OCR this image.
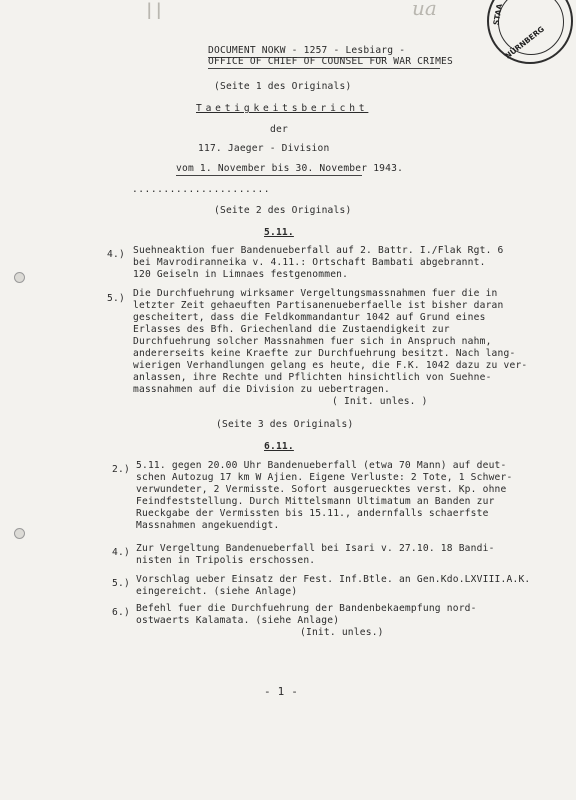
ǀ ǀ	ua	STAA
NÜRNBERG
DOCUMENT NOKW - 1257 - Lesbiarg -
OFFICE OF CHIEF OF COUNSEL FOR WAR CRIMES
(Seite 1 des Originals)
Taetigkeitsbericht
der
117. Jaeger - Division
vom 1. November bis 30. November 1943.
......................
(Seite 2 des Originals)
5.11.
4.) Suehneaktion fuer Bandenueberfall auf 2. Battr. I./Flak Rgt. 6
bei Mavrodiranneika v. 4.11.: Ortschaft Bambati abgebrannt.
120 Geiseln in Limnaes festgenommen.
5.) Die Durchfuehrung wirksamer Vergeltungsmassnahmen fuer die in
letzter Zeit gehaeuften Partisanenueberfaelle ist bisher daran
gescheitert, dass die Feldkommandantur 1042 auf Grund eines
Erlasses des Bfh. Griechenland die Zustaendigkeit zur
Durchfuehrung solcher Massnahmen fuer sich in Anspruch nahm,
andererseits keine Kraefte zur Durchfuehrung besitzt. Nach lang-
wierigen Verhandlungen gelang es heute, die F.K. 1042 dazu zu ver-
anlassen, ihre Rechte und Pflichten hinsichtlich von Suehne-
massnahmen auf die Division zu uebertragen.
( Init. unles. )
(Seite 3 des Originals)
6.11.
2.) 5.11. gegen 20.00 Uhr Bandenueberfall (etwa 70 Mann) auf deut-
schen Autozug 17 km W Ajien. Eigene Verluste: 2 Tote, 1 Schwer-
verwundeter, 2 Vermisste. Sofort ausgeruecktes verst. Kp. ohne
Feindfeststellung. Durch Mittelsmann Ultimatum an Banden zur
Rueckgabe der Vermissten bis 15.11., andernfalls schaerfste
Massnahmen angekuendigt.
4.) Zur Vergeltung Bandenueberfall bei Isari v. 27.10. 18 Bandi-
nisten in Tripolis erschossen.
5.) Vorschlag ueber Einsatz der Fest. Inf.Btle. an Gen.Kdo.LXVIII.A.K.
eingereicht. (siehe Anlage)
6.) Befehl fuer die Durchfuehrung der Bandenbekaempfung nord-
ostwaerts Kalamata. (siehe Anlage)
(Init. unles.)
- 1 -
